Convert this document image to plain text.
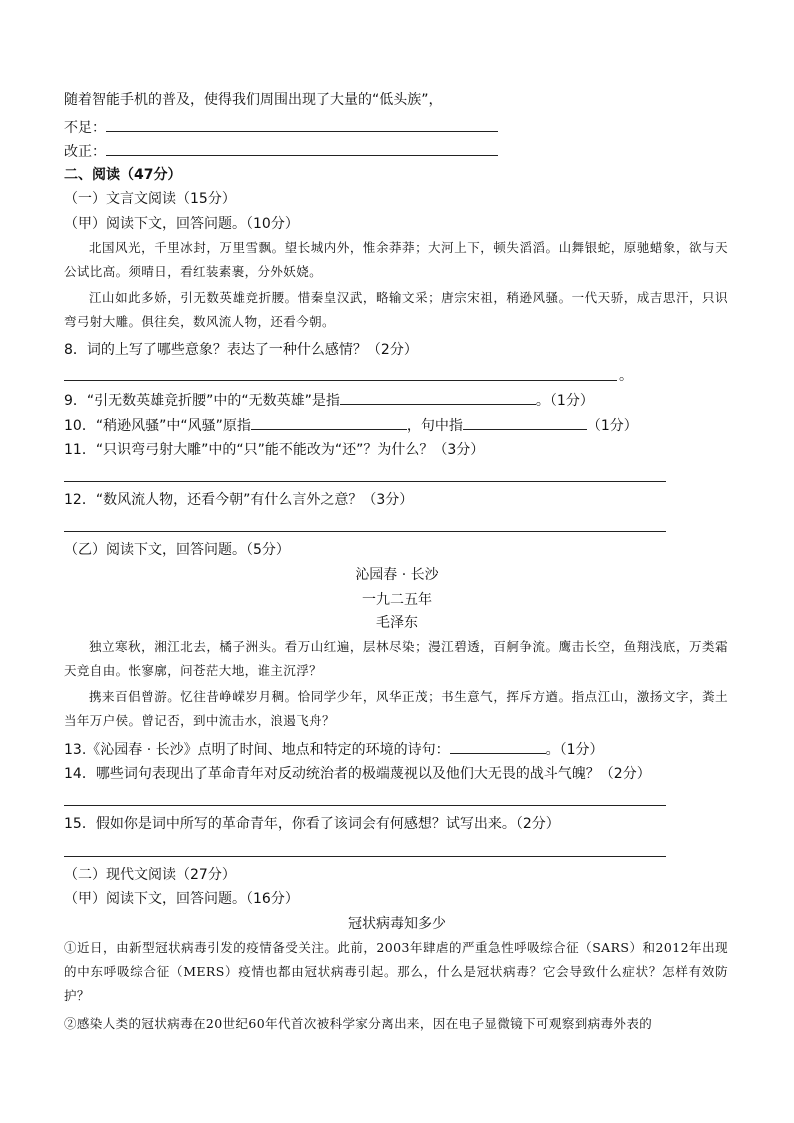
随着智能手机的普及，使得我们周围出现了大量的“低头族”，
不足：
改正：
二、阅读（47分）
（一）文言文阅读（15分）
（甲）阅读下文，回答问题。（10分）
北国风光，千里冰封，万里雪飘。望长城内外，惟余莽莽；大河上下，顿失滔滔。山舞银蛇，原驰蜡象，欲与天公试比高。须晴日，看红装素裹，分外妖娆。
江山如此多娇，引无数英雄竞折腰。惜秦皇汉武，略输文采；唐宗宋祖，稍逊风骚。一代天骄，成吉思汗，只识弯弓射大雕。俱往矣，数风流人物，还看今朝。
8．词的上写了哪些意象？表达了一种什么感情？（2分）
。
9．“引无数英雄竞折腰”中的“无数英雄”是指	。（1分）
10．“稍逊风骚”中“风骚”原指	，句中指	（1分）
11．“只识弯弓射大雕”中的“只”能不能改为“还”？为什么？（3分）
12．“数风流人物，还看今朝”有什么言外之意？（3分）
（乙）阅读下文，回答问题。（5分）
沁园春 · 长沙
一九二五年
毛泽东
独立寒秋，湘江北去，橘子洲头。看万山红遍，层林尽染；漫江碧透，百舸争流。鹰击长空，鱼翔浅底，万类霜天竞自由。怅寥廓，问苍茫大地，谁主沉浮？
携来百侣曾游。忆往昔峥嵘岁月稠。恰同学少年，风华正茂；书生意气，挥斥方遒。指点江山，激扬文字，粪土当年万户侯。曾记否，到中流击水，浪遏飞舟？
13.《沁园春 · 长沙》点明了时间、地点和特定的环境的诗句：	。（1分）
14．哪些词句表现出了革命青年对反动统治者的极端蔑视以及他们大无畏的战斗气魄？（2分）
15．假如你是词中所写的革命青年，你看了该词会有何感想？试写出来。（2分）
（二）现代文阅读（27分）
（甲）阅读下文，回答问题。（16分）
冠状病毒知多少
①近日，由新型冠状病毒引发的疫情备受关注。此前，2003年肆虐的严重急性呼吸综合征（SARS）和2012年出现的中东呼吸综合征（MERS）疫情也都由冠状病毒引起。那么，什么是冠状病毒？它会导致什么症状？怎样有效防护？
②感染人类的冠状病毒在20世纪60年代首次被科学家分离出来，因在电子显微镜下可观察到病毒外表的
